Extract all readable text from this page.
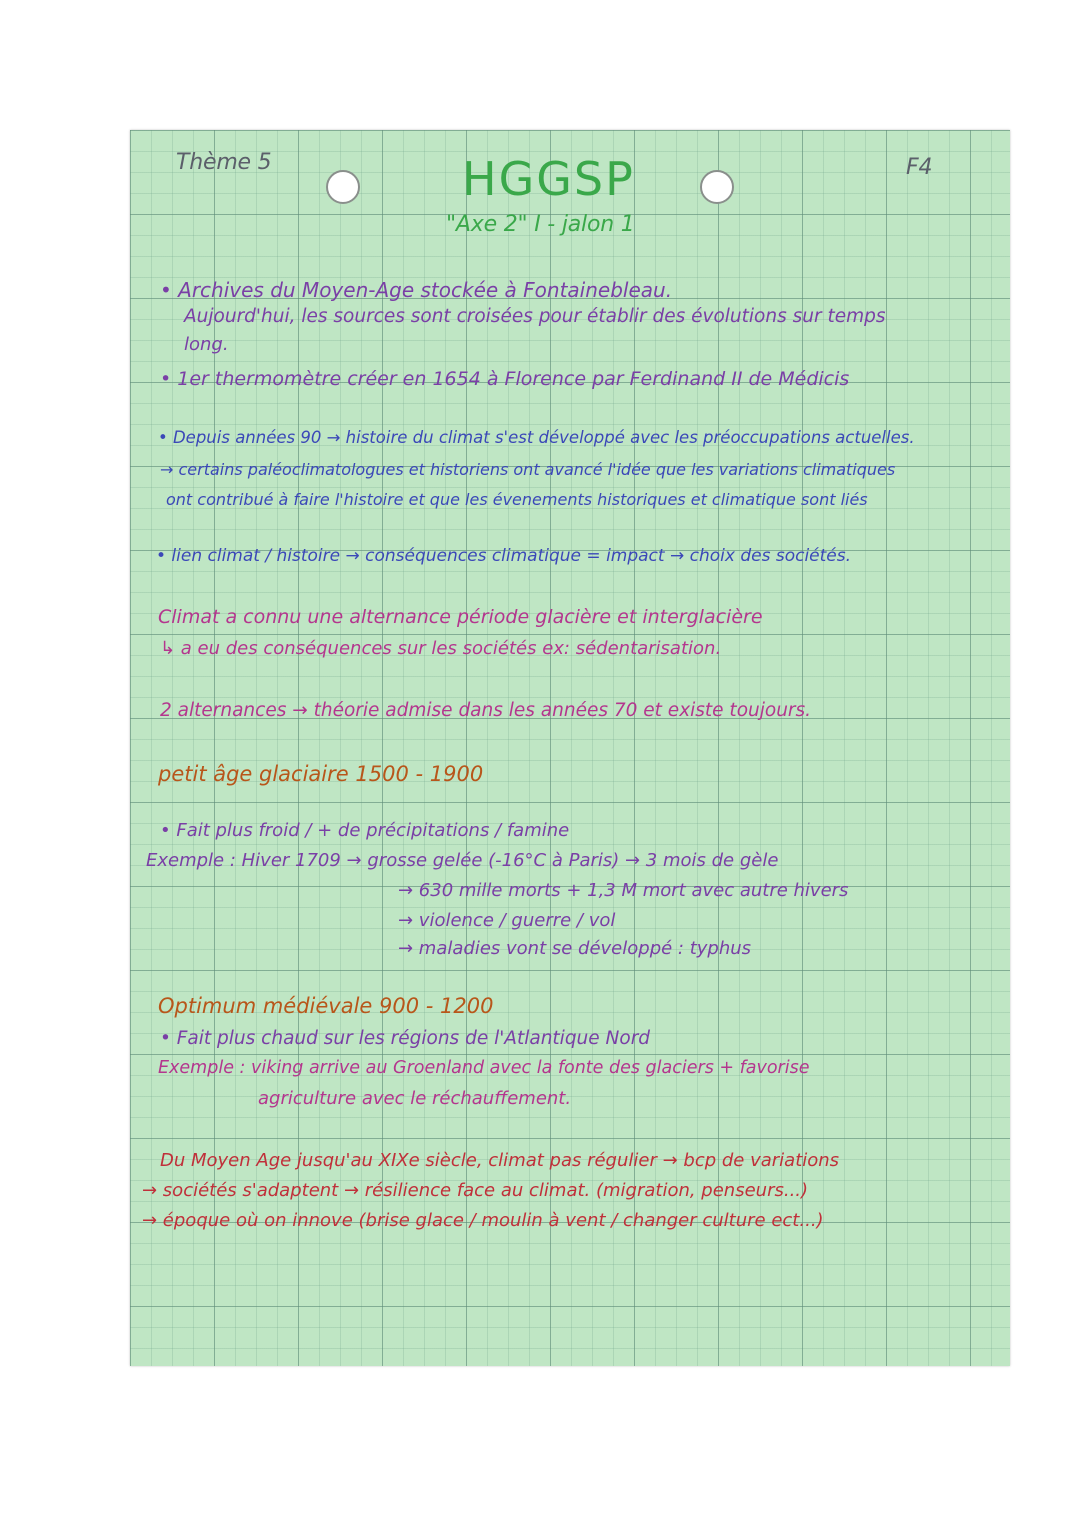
Thème 5	HGGSP
"Axe 2" I - jalon 1
F4
• Archives du Moyen-Age stockée à Fontainebleau.
Aujourd'hui, les sources sont croisées pour établir des évolutions sur temps
long.
• 1er thermomètre créer en 1654 à Florence par Ferdinand II de Médicis
• Depuis années 90 → histoire du climat s'est développé avec les préoccupations actuelles.
→ certains paléoclimatologues et historiens ont avancé l'idée que les variations climatiques
ont contribué à faire l'histoire et que les évenements historiques et climatique sont liés
• lien climat / histoire → conséquences climatique = impact → choix des sociétés.
Climat a connu une alternance période glacière et interglacière
↳ a eu des conséquences sur les sociétés ex: sédentarisation.
2 alternances → théorie admise dans les années 70 et existe toujours.
petit âge glaciaire 1500 - 1900
• Fait plus froid / + de précipitations / famine
Exemple : Hiver 1709 → grosse gelée (-16°C à Paris) → 3 mois de gèle
→ 630 mille morts + 1,3 M mort avec autre hivers
→ violence / guerre / vol
→ maladies vont se développé : typhus
Optimum médiévale 900 - 1200
• Fait plus chaud sur les régions de l'Atlantique Nord
Exemple : viking arrive au Groenland avec la fonte des glaciers + favorise
agriculture avec le réchauffement.
Du Moyen Age jusqu'au XIXe siècle, climat pas régulier → bcp de variations
→ sociétés s'adaptent → résilience face au climat. (migration, penseurs...)
→ époque où on innove (brise glace / moulin à vent / changer culture ect...)
